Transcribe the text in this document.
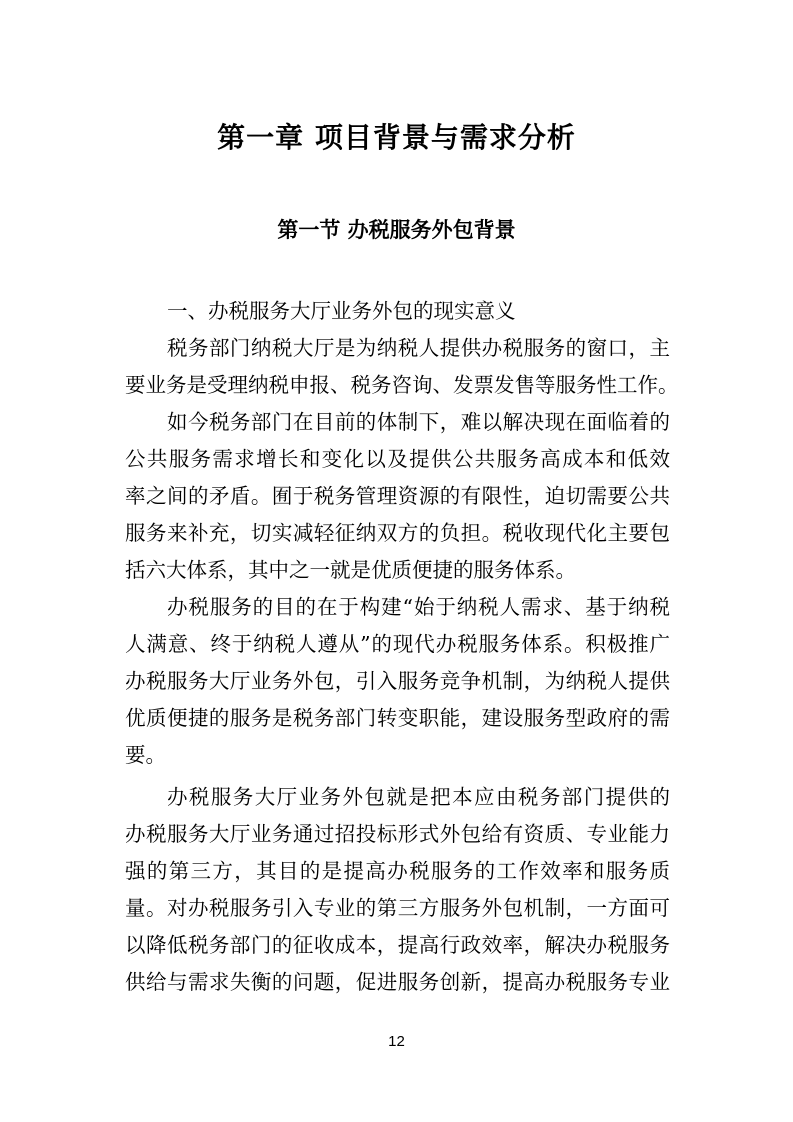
第一章 项目背景与需求分析
第一节 办税服务外包背景
一、办税服务大厅业务外包的现实意义
税务部门纳税大厅是为纳税人提供办税服务的窗口，主
要业务是受理纳税申报、税务咨询、发票发售等服务性工作。
如今税务部门在目前的体制下，难以解决现在面临着的
公共服务需求增长和变化以及提供公共服务高成本和低效
率之间的矛盾。囿于税务管理资源的有限性，迫切需要公共
服务来补充，切实减轻征纳双方的负担。税收现代化主要包
括六大体系，其中之一就是优质便捷的服务体系。
办税服务的目的在于构建“始于纳税人需求、基于纳税
人满意、终于纳税人遵从”的现代办税服务体系。积极推广
办税服务大厅业务外包，引入服务竞争机制，为纳税人提供
优质便捷的服务是税务部门转变职能，建设服务型政府的需
要。
办税服务大厅业务外包就是把本应由税务部门提供的
办税服务大厅业务通过招投标形式外包给有资质、专业能力
强的第三方，其目的是提高办税服务的工作效率和服务质
量。对办税服务引入专业的第三方服务外包机制，一方面可
以降低税务部门的征收成本，提高行政效率，解决办税服务
供给与需求失衡的问题，促进服务创新，提高办税服务专业
12
